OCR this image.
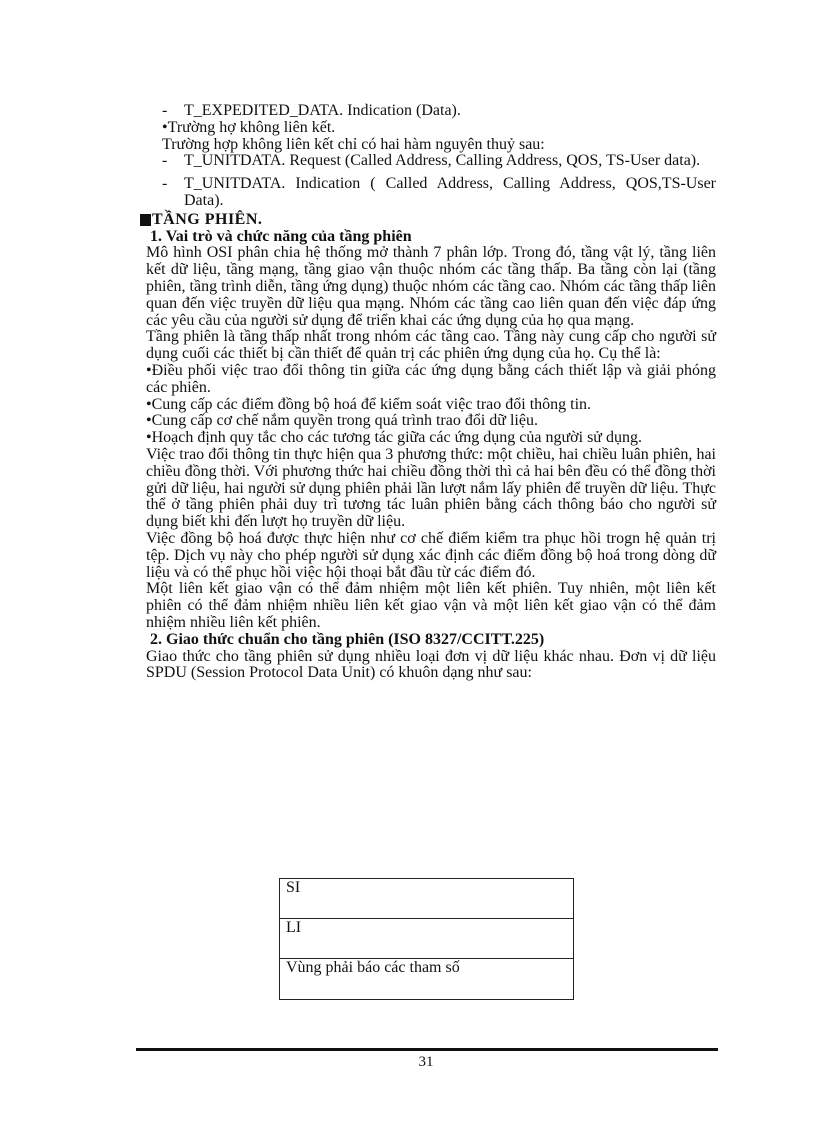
-	T_EXPEDITED_DATA. Indication (Data).

•Trường hợ không liên kết.

Trường hợp không liên kết chỉ có hai hàm nguyên thuỷ sau:

-	T_UNITDATA. Request (Called Address, Calling Address, QOS, TS-User data).
-	T_UNITDATA. Indication ( Called Address, Calling Address, QOS,TS-User Data).
TẦNG PHIÊN.

1. Vai trò và chức năng của tầng phiên

Mô hình OSI phân chia hệ thống mở thành 7 phân lớp. Trong đó, tầng vật lý, tầng liên kết dữ liệu, tầng mạng, tầng giao vận thuộc nhóm các tầng thấp. Ba tầng còn lại (tầng phiên, tầng trình diễn, tầng ứng dụng) thuộc nhóm các tầng cao. Nhóm các tầng thấp liên quan đến việc truyền dữ liệu qua mạng. Nhóm các tầng cao liên quan đến việc đáp ứng các yêu cầu của người sử dụng để triển khai các ứng dụng của họ qua mạng.

Tầng phiên là tầng thấp nhất trong nhóm các tầng cao. Tầng này cung cấp cho người sử dụng cuối các thiết bị cần thiết để quản trị các phiên ứng dụng của họ. Cụ thể là:

•Điều phối việc trao đổi thông tin giữa các ứng dụng bằng cách thiết lập và giải phóng các phiên.

•Cung cấp các điểm đồng bộ hoá để kiểm soát việc trao đổi thông tin.

•Cung cấp cơ chế nắm quyền trong quá trình trao đổi dữ liệu.

•Hoạch định quy tắc cho các tương tác giữa các ứng dụng của người sử dụng.

Việc trao đổi thông tin thực hiện qua 3 phương thức: một chiều, hai chiều luân phiên, hai chiều đồng thời. Với phương thức hai chiều đồng thời thì cả hai bên đều có thể đồng thời gửi dữ liệu, hai người sử dụng phiên phải lần lượt nắm lấy phiên để truyền dữ liệu. Thực thể ở tầng phiên phải duy trì tương tác luân phiên bằng cách thông báo cho người sử dụng biết khi đến lượt họ truyền dữ liệu.

Việc đồng bộ hoá được thực hiện như cơ chế điểm kiểm tra phục hồi trogn hệ quản trị tệp. Dịch vụ này cho phép người sử dụng xác định các điểm đồng bộ hoá trong dòng dữ liệu và có thể phục hồi việc hội thoại bắt đầu từ các điểm đó.

Một liên kết giao vận có thể đảm nhiệm một liên kết phiên. Tuy nhiên, một liên kết phiên có thể đảm nhiệm nhiều liên kết giao vận và một liên kết giao vận có thể đảm nhiệm nhiều liên kết phiên.

2. Giao thức chuẩn cho tầng phiên (ISO 8327/CCITT.225)

Giao thức cho tầng phiên sử dụng nhiều loại đơn vị dữ liệu khác nhau. Đơn vị dữ liệu SPDU (Session Protocol Data Unit) có khuôn dạng như sau:

SI
LI
Vùng phải báo các tham số
31
